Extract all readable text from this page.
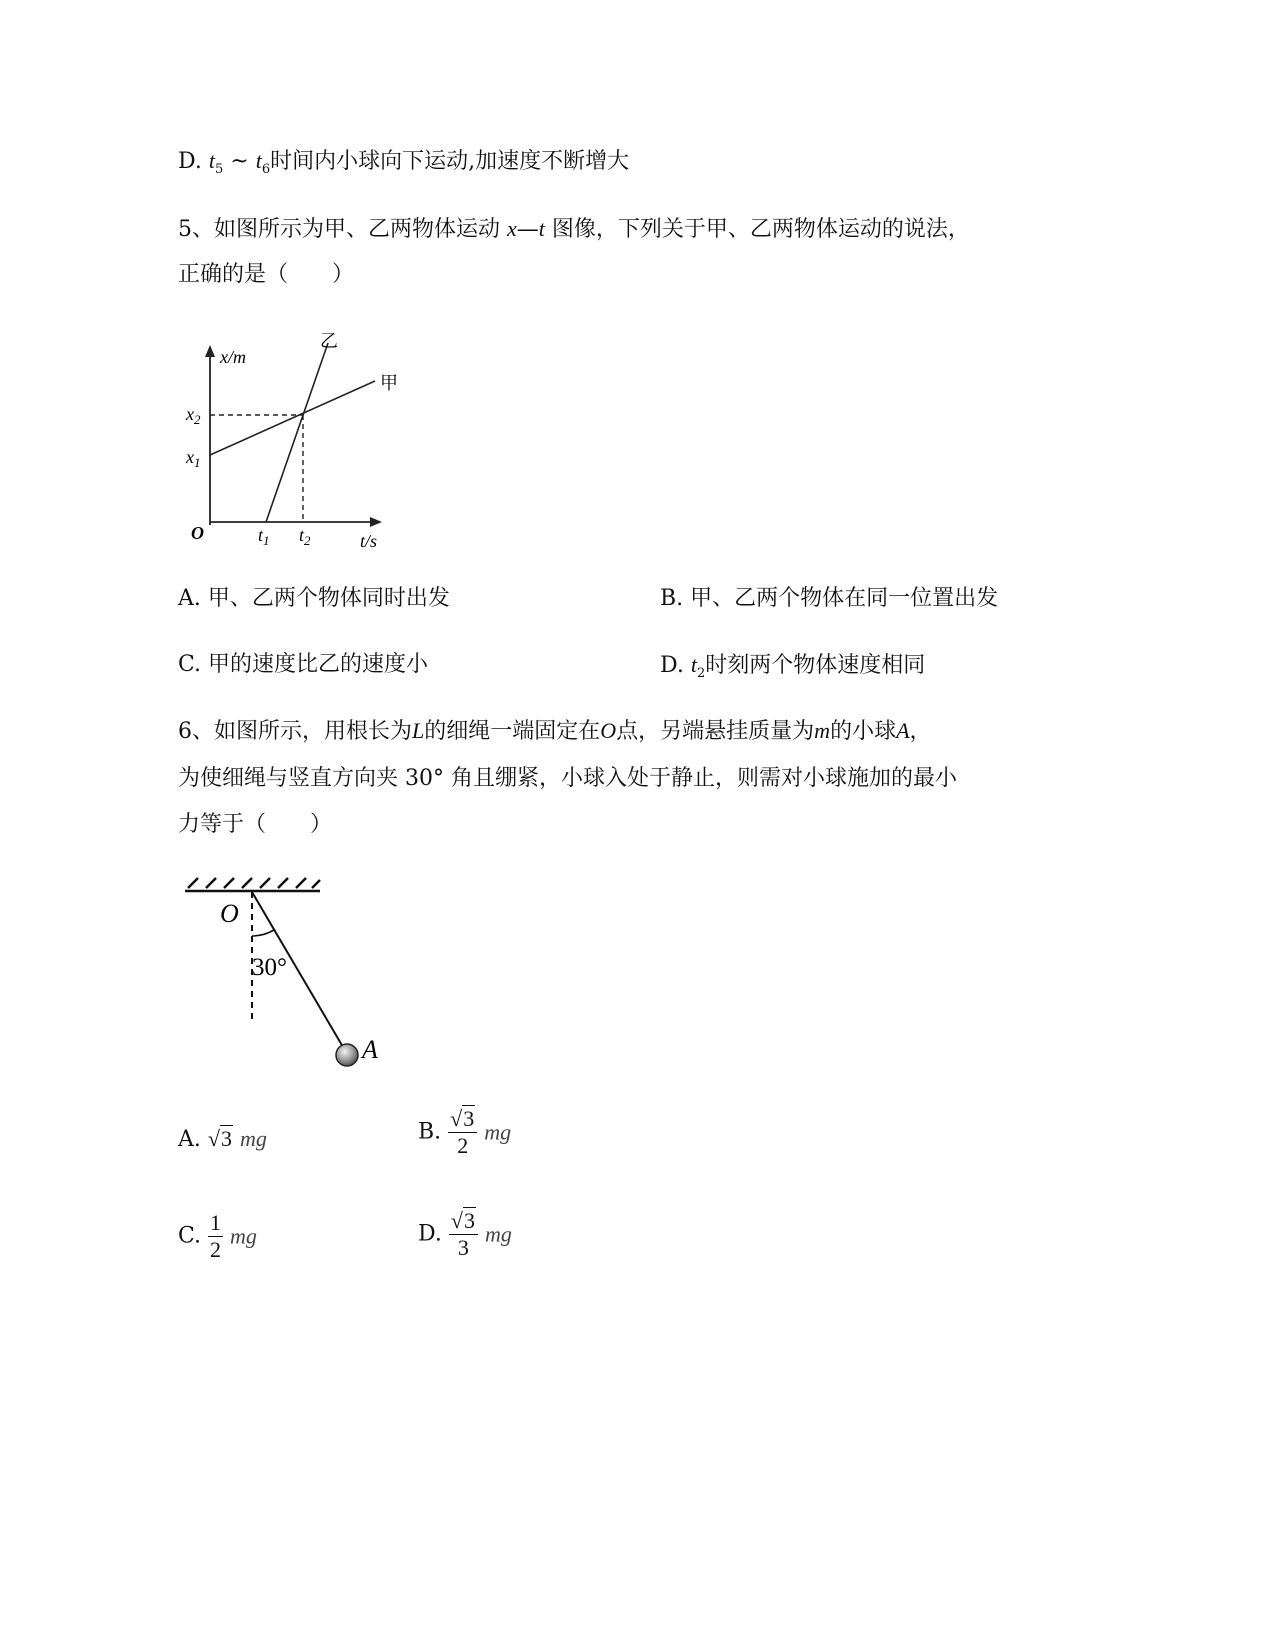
D. $t_5$ ~ $t_6$时间内小球向下运动,加速度不断增大
5、如图所示为甲、乙两物体运动 x—t 图像，下列关于甲、乙两物体运动的说法，
正确的是（　　）
x/m
乙
甲
$x_2$
$x_1$
O	$t_1$ $t_2$	t/s
A. 甲、乙两个物体同时出发	B. 甲、乙两个物体在同一位置出发
C. 甲的速度比乙的速度小	D. $t_2$时刻两个物体速度相同
6、如图所示，用根长为L的细绳一端固定在O点，另端悬挂质量为m的小球A，
为使细绳与竖直方向夹 30° 角且绷紧，小球入处于静止，则需对小球施加的最小
力等于（　　）
O
30°
A
A. √3 mg	B. $\frac{√3}{2}$ mg
C. $\frac{1}{2}$ mg	D. $\frac{√3}{3}$ mg
